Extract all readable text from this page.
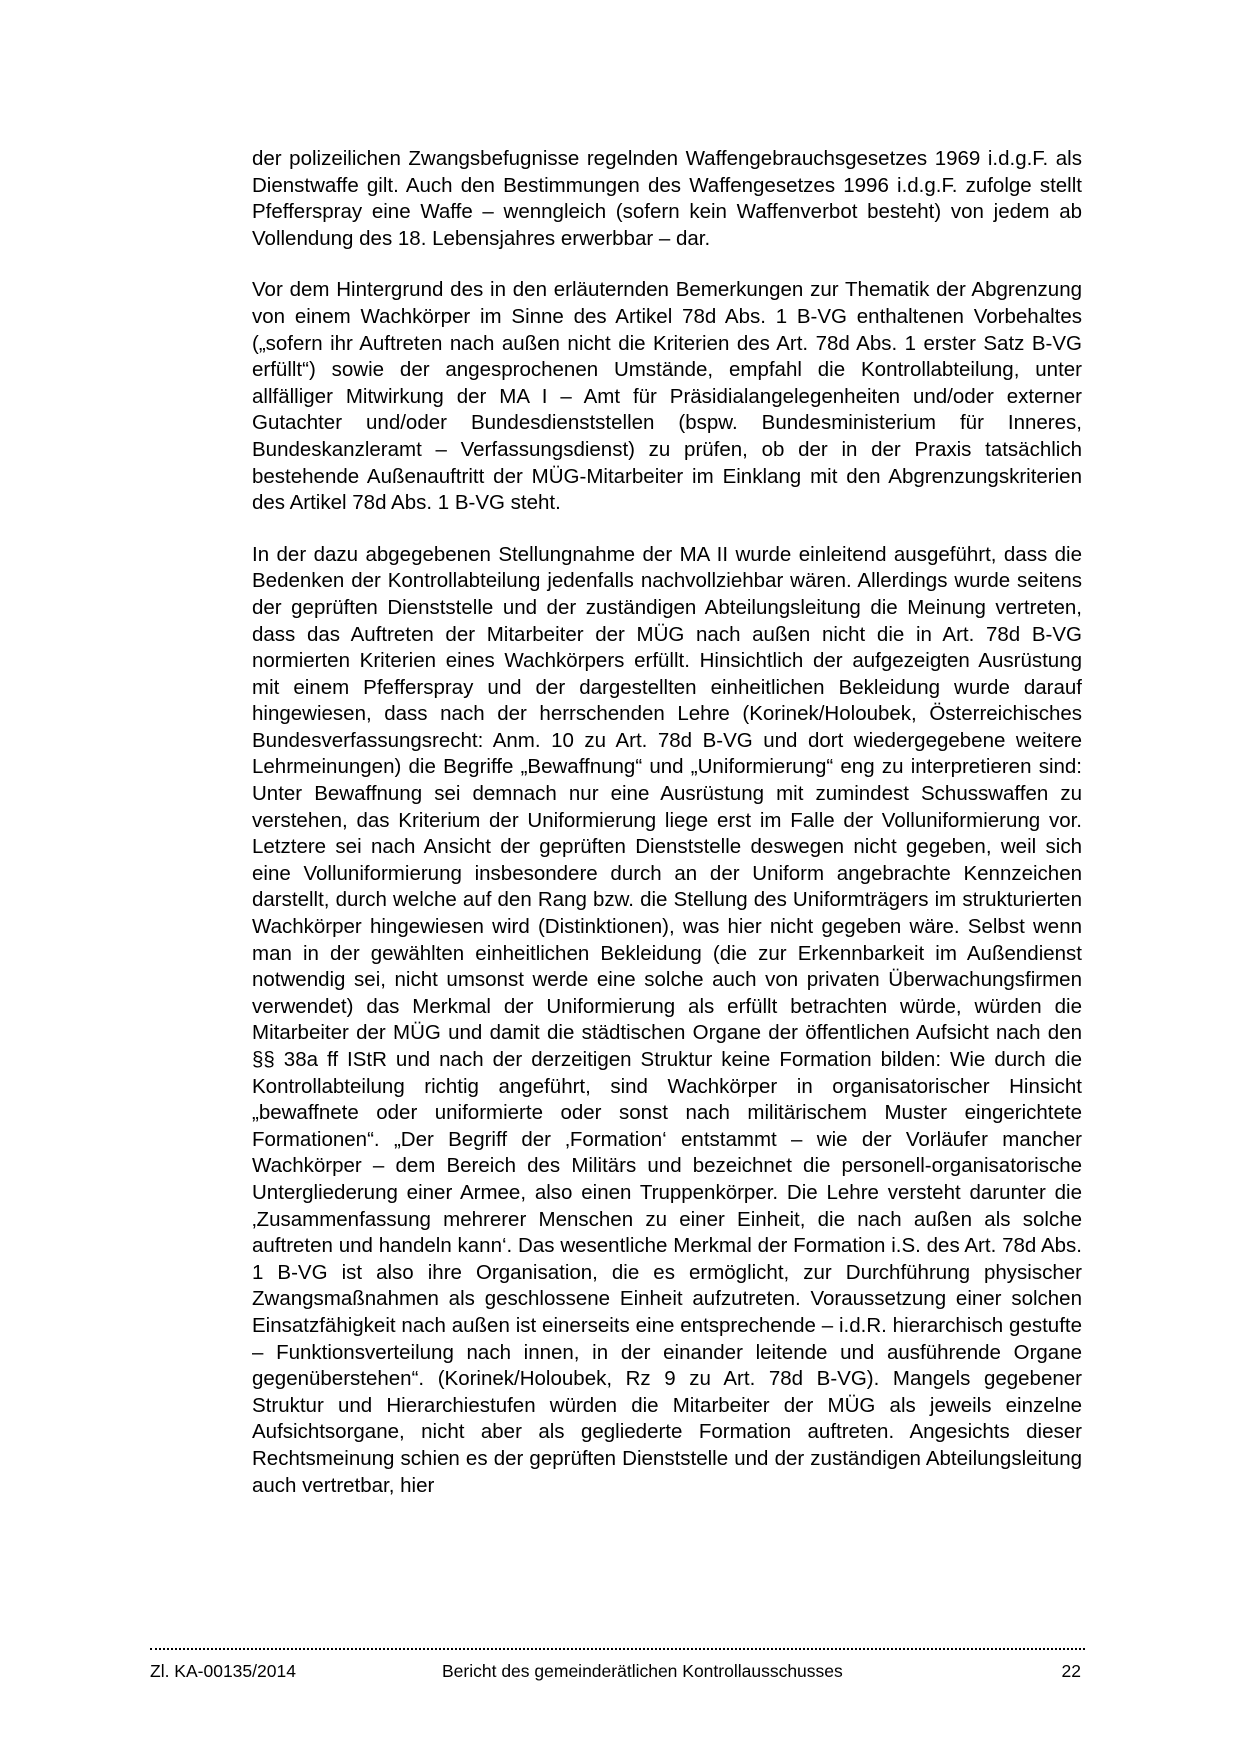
der polizeilichen Zwangsbefugnisse regelnden Waffengebrauchsgesetzes 1969 i.d.g.F. als Dienstwaffe gilt. Auch den Bestimmungen des Waffengesetzes 1996 i.d.g.F. zufolge stellt Pfefferspray eine Waffe – wenngleich (sofern kein Waffenverbot besteht) von jedem ab Vollendung des 18. Lebensjahres erwerbbar – dar.

Vor dem Hintergrund des in den erläuternden Bemerkungen zur Thematik der Abgrenzung von einem Wachkörper im Sinne des Artikel 78d Abs. 1 B-VG enthaltenen Vorbehaltes („sofern ihr Auftreten nach außen nicht die Kriterien des Art. 78d Abs. 1 erster Satz B-VG erfüllt“) sowie der angesprochenen Umstände, empfahl die Kontrollabteilung, unter allfälliger Mitwirkung der MA I – Amt für Präsidialangelegenheiten und/oder externer Gutachter und/oder Bundesdienststellen (bspw. Bundesministerium für Inneres, Bundeskanzleramt – Verfassungsdienst) zu prüfen, ob der in der Praxis tatsächlich bestehende Außenauftritt der MÜG-Mitarbeiter im Einklang mit den Abgrenzungskriterien des Artikel 78d Abs. 1 B-VG steht.

In der dazu abgegebenen Stellungnahme der MA II wurde einleitend ausgeführt, dass die Bedenken der Kontrollabteilung jedenfalls nachvollziehbar wären. Allerdings wurde seitens der geprüften Dienststelle und der zuständigen Abteilungsleitung die Meinung vertreten, dass das Auftreten der Mitarbeiter der MÜG nach außen nicht die in Art. 78d B-VG normierten Kriterien eines Wachkörpers erfüllt. Hinsichtlich der aufgezeigten Ausrüstung mit einem Pfefferspray und der dargestellten einheitlichen Bekleidung wurde darauf hingewiesen, dass nach der herrschenden Lehre (Korinek/Holoubek, Österreichisches Bundesverfassungsrecht: Anm. 10 zu Art. 78d B-VG und dort wiedergegebene weitere Lehrmeinungen) die Begriffe „Bewaffnung“ und „Uniformierung“ eng zu interpretieren sind: Unter Bewaffnung sei demnach nur eine Ausrüstung mit zumindest Schusswaffen zu verstehen, das Kriterium der Uniformierung liege erst im Falle der Volluniformierung vor. Letztere sei nach Ansicht der geprüften Dienststelle deswegen nicht gegeben, weil sich eine Volluniformierung insbesondere durch an der Uniform angebrachte Kennzeichen darstellt, durch welche auf den Rang bzw. die Stellung des Uniformträgers im strukturierten Wachkörper hingewiesen wird (Distinktionen), was hier nicht gegeben wäre. Selbst wenn man in der gewählten einheitlichen Bekleidung (die zur Erkennbarkeit im Außendienst notwendig sei, nicht umsonst werde eine solche auch von privaten Überwachungsfirmen verwendet) das Merkmal der Uniformierung als erfüllt betrachten würde, würden die Mitarbeiter der MÜG und damit die städtischen Organe der öffentlichen Aufsicht nach den §§ 38a ff IStR und nach der derzeitigen Struktur keine Formation bilden: Wie durch die Kontrollabteilung richtig angeführt, sind Wachkörper in organisatorischer Hinsicht „bewaffnete oder uniformierte oder sonst nach militärischem Muster eingerichtete Formationen“. „Der Begriff der ‚Formation‘ entstammt – wie der Vorläufer mancher Wachkörper – dem Bereich des Militärs und bezeichnet die personell-organisatorische Untergliederung einer Armee, also einen Truppenkörper. Die Lehre versteht darunter die ‚Zusammenfassung mehrerer Menschen zu einer Einheit, die nach außen als solche auftreten und handeln kann‘. Das wesentliche Merkmal der Formation i.S. des Art. 78d Abs. 1 B-VG ist also ihre Organisation, die es ermöglicht, zur Durchführung physischer Zwangsmaßnahmen als geschlossene Einheit aufzutreten. Voraussetzung einer solchen Einsatzfähigkeit nach außen ist einerseits eine entsprechende – i.d.R. hierarchisch gestufte – Funktionsverteilung nach innen, in der einander leitende und ausführende Organe gegenüberstehen“. (Korinek/Holoubek, Rz 9 zu Art. 78d B-VG). Mangels gegebener Struktur und Hierarchiestufen würden die Mitarbeiter der MÜG als jeweils einzelne Aufsichtsorgane, nicht aber als gegliederte Formation auftreten. Angesichts dieser Rechtsmeinung schien es der geprüften Dienststelle und der zuständigen Abteilungsleitung auch vertretbar, hier

Zl. KA-00135/2014	Bericht des gemeinderätlichen Kontrollausschusses	22
